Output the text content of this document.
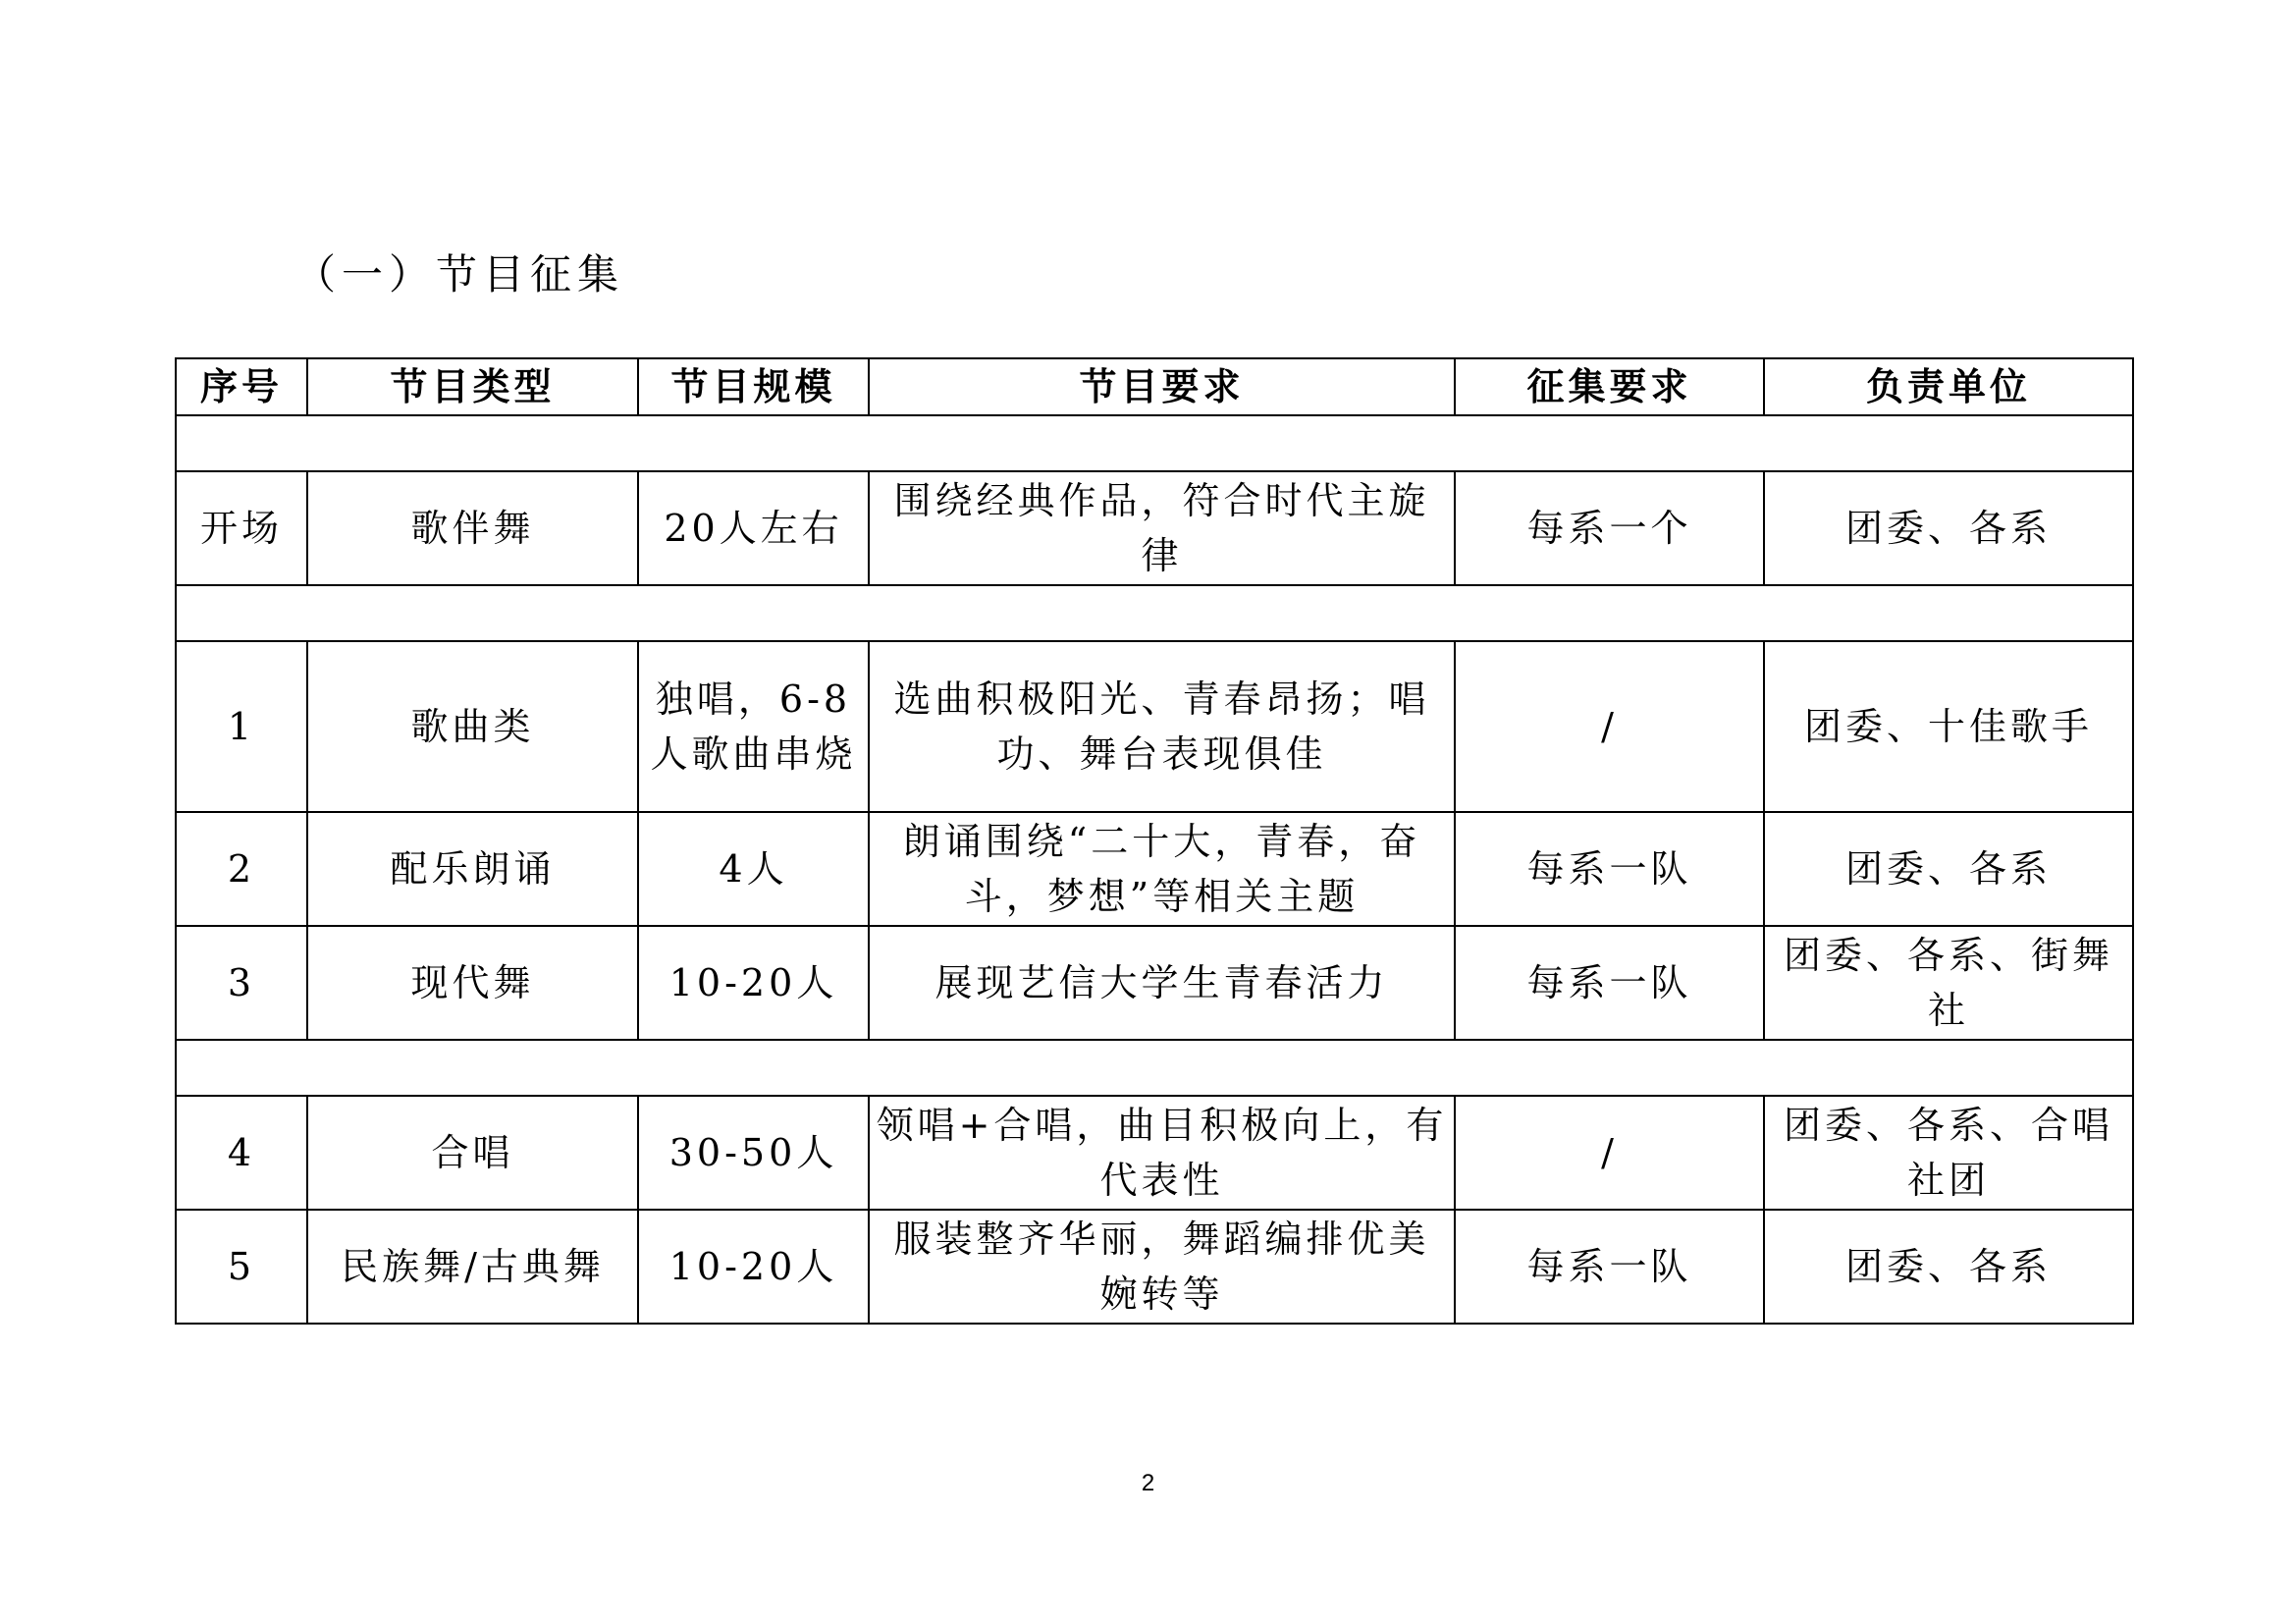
（一）节目征集
序号	节目类型	节目规模	节目要求	征集要求	负责单位

开场	歌伴舞	20人左右	围绕经典作品，符合时代主旋律	每系一个	团委、各系

1	歌曲类	独唱，6-8人歌曲串烧	选曲积极阳光、青春昂扬；唱功、舞台表现俱佳	/	团委、十佳歌手
2	配乐朗诵	4人	朗诵围绕“二十大，青春，奋斗，梦想”等相关主题	每系一队	团委、各系
3	现代舞	10-20人	展现艺信大学生青春活力	每系一队	团委、各系、街舞社

4	合唱	30-50人	领唱+合唱，曲目积极向上，有代表性	/	团委、各系、合唱社团
5	民族舞/古典舞	10-20人	服装整齐华丽，舞蹈编排优美婉转等	每系一队	团委、各系
2
